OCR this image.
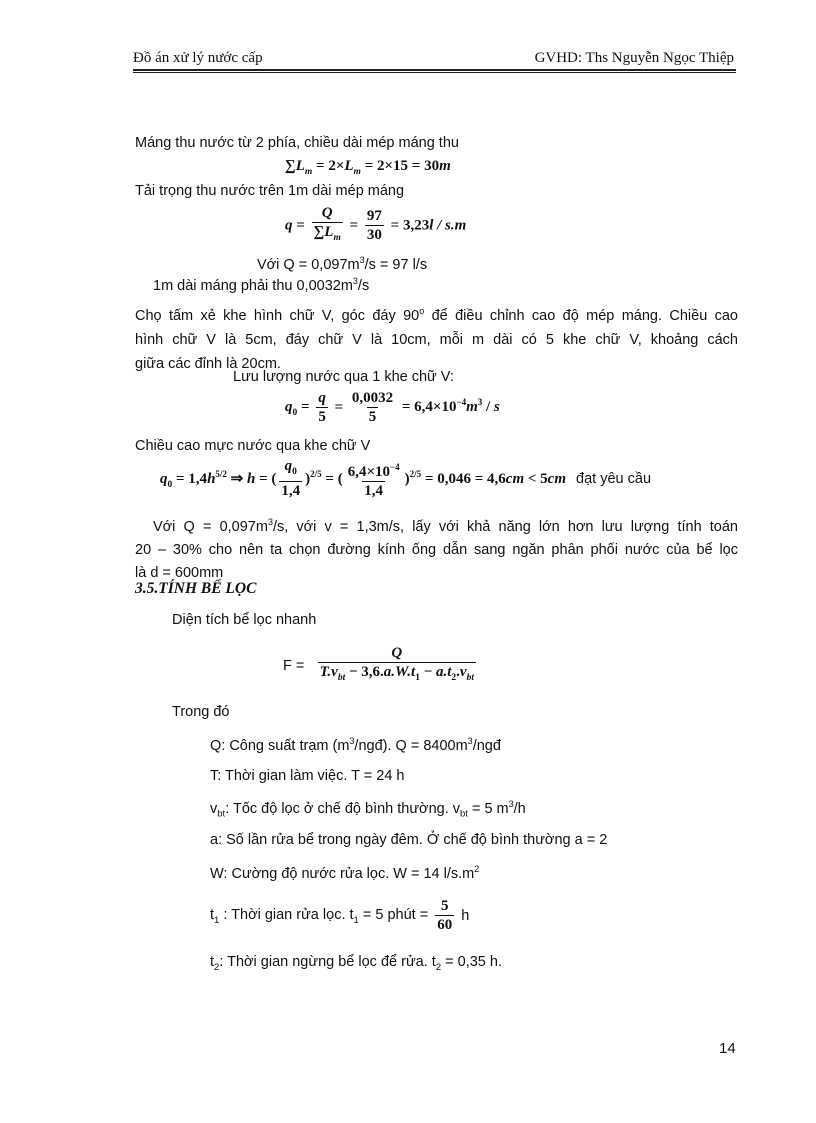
Đồ án xử lý nước cấp	GVHD: Ths Nguyễn Ngọc Thiệp
Máng thu nước từ 2 phía, chiều dài mép máng thu
$\sum L_m = 2\times L_m = 2\times 15 = 30m$
Tải trọng thu nước trên 1m dài mép máng
$q = \frac{Q}{\sum L_m} = \frac{97}{30} = 3,23l / s.m$
Với $Q = 0,097m^3/s = 97$ l/s
1m dài máng phải thu $0,0032m^3/s$
Chọ tấm xẻ khe hình chữ V, góc đáy 90$^o$ để điều chỉnh cao độ mép máng. Chiều cao
hình chữ V là 5cm, đáy chữ V là 10cm, mỗi m dài có 5 khe chữ V, khoảng cách
giữa các đỉnh là 20cm.
Lưu lượng nước qua 1 khe chữ V:
$q_0 = \frac{q}{5} = \frac{0,0032}{5} = 6,4\times 10^{-4}m^3 / s$
Chiều cao mực nước qua khe chữ V
$q_0 = 1,4h^{5/2}$ ⇒ h = ( $\frac{q_0}{1,4} )^{2/5}$ = ( $\frac{6,4\times 10^{-4}}{1,4} )^{2/5} = 0,046 = 4,6cm < 5cm$ đạt yêu cầu
Với $Q = 0,097m^3/s$, với v = 1,3m/s, lấy với khả năng lớn hơn lưu lượng tính toán
20 – 30% cho nên ta chọn đường kính ống dẫn sang ngăn phân phối nước của bể lọc
là d = 600mm
3.5.TÍNH BỂ LỌC
Diện tích bể lọc nhanh
$F = \frac{Q}{T.v_{bt} - 3,6.a.W.t_1 - a.t_2.v_{bt}}$
Trong đó
Q: Công suất trạm $(m^3/ngđ)$. $Q = 8400m^3$/ngđ
T: Thời gian làm việc. T = 24 h
$v_{bt}$: Tốc độ lọc ở chế độ bình thường. $v_{bt} = 5$ $m^3/h$
a: Số lần rửa bể trong ngày đêm. Ở chế độ bình thường a = 2
W: Cường độ nước rửa lọc. W = 14 $l/s.m^2$
$t_1$ : Thời gian rửa lọc. $t_1 = 5$ phút = $\frac{5}{60}$ h
$t_2$: Thời gian ngừng bể lọc để rửa. $t_2 = 0,35$ h.
14
